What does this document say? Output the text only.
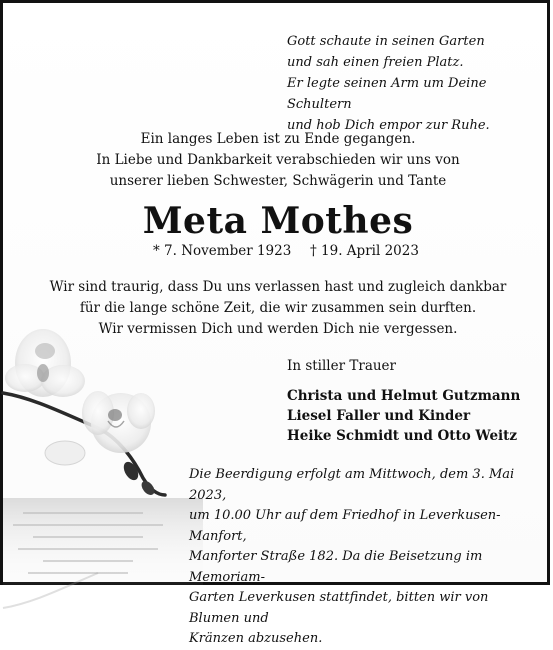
Gott schaute in seinen Garten
und sah einen freien Platz.
Er legte seinen Arm um Deine Schultern
und hob Dich empor zur Ruhe.
Ein langes Leben ist zu Ende gegangen.
In Liebe und Dankbarkeit verabschieden wir uns von
unserer lieben Schwester, Schwägerin und Tante
Meta Mothes
* 7. November 1923 † 19. April 2023
Wir sind traurig, dass Du uns verlassen hast und zugleich dankbar
für die lange schöne Zeit, die wir zusammen sein durften.
Wir vermissen Dich und werden Dich nie vergessen.
In stiller Trauer
Christa und Helmut Gutzmann
Liesel Faller und Kinder
Heike Schmidt und Otto Weitz
Die Beerdigung erfolgt am Mittwoch, dem 3. Mai 2023,
um 10.00 Uhr auf dem Friedhof in Leverkusen-Manfort,
Manforter Straße 182. Da die Beisetzung im Memoriam-
Garten Leverkusen stattfindet, bitten wir von Blumen und
Kränzen abzusehen.
